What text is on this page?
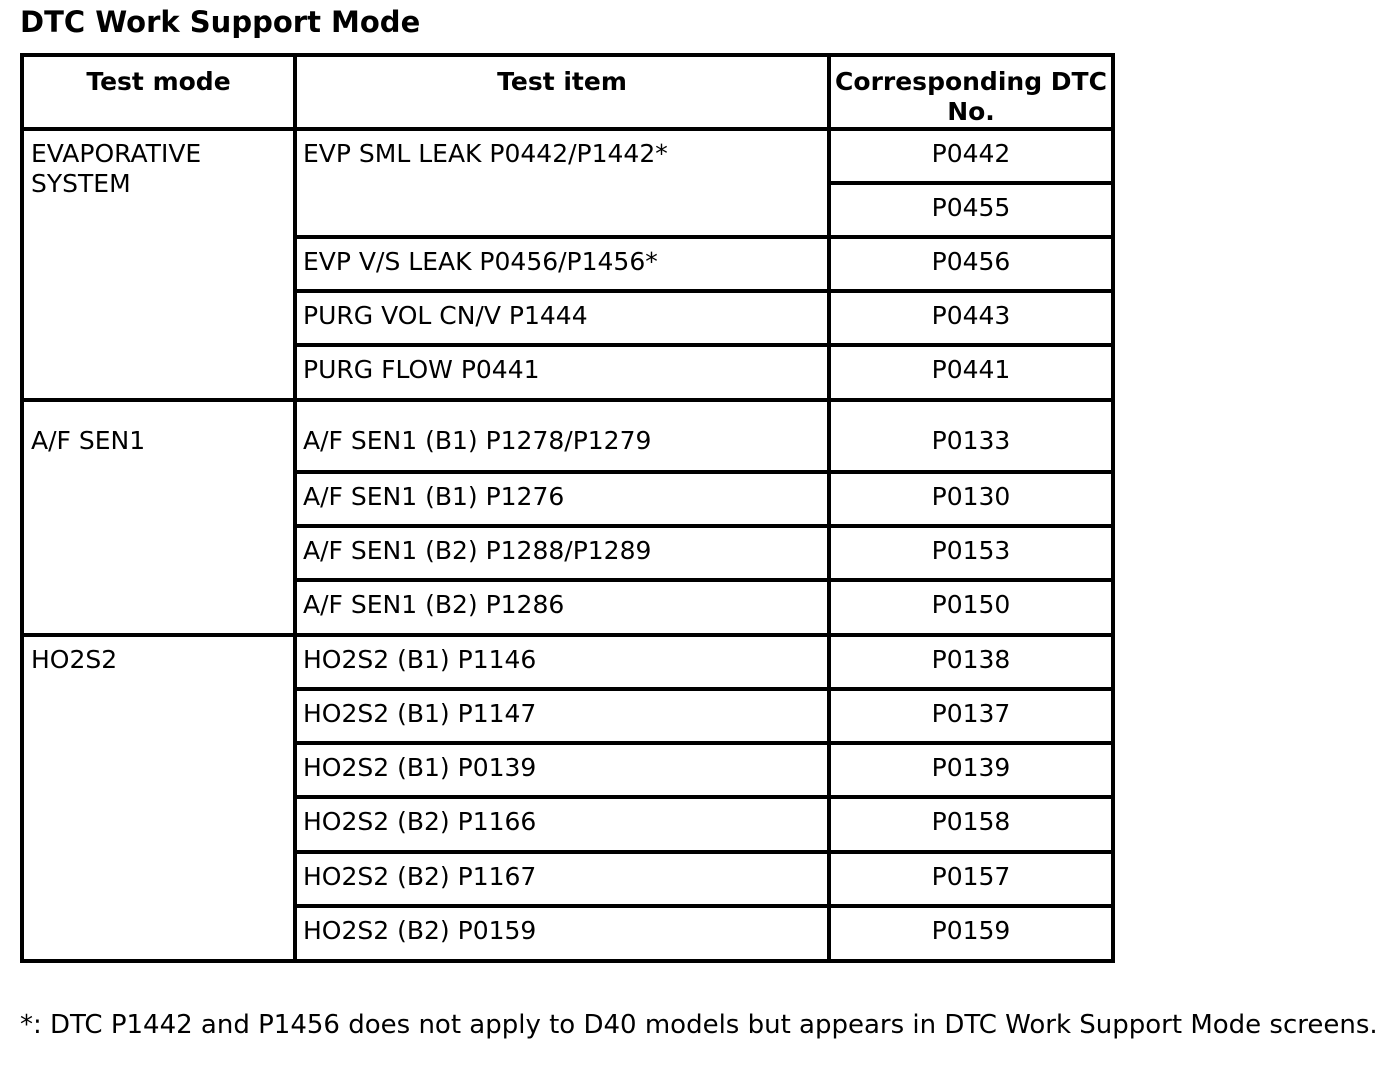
DTC Work Support Mode
Test mode	Test item	Corresponding DTC
No.

EVAPORATIVE
SYSTEM	EVP SML LEAK P0442/P1442*	P0442
		P0455
	EVP V/S LEAK P0456/P1456*	P0456
	PURG VOL CN/V P1444	P0443
	PURG FLOW P0441	P0441

A/F SEN1	A/F SEN1 (B1) P1278/P1279	P0133
	A/F SEN1 (B1) P1276	P0130
	A/F SEN1 (B2) P1288/P1289	P0153
	A/F SEN1 (B2) P1286	P0150

HO2S2	HO2S2 (B1) P1146	P0138
	HO2S2 (B1) P1147	P0137
	HO2S2 (B1) P0139	P0139
	HO2S2 (B2) P1166	P0158
	HO2S2 (B2) P1167	P0157
	HO2S2 (B2) P0159	P0159
*: DTC P1442 and P1456 does not apply to D40 models but appears in DTC Work Support Mode screens.
